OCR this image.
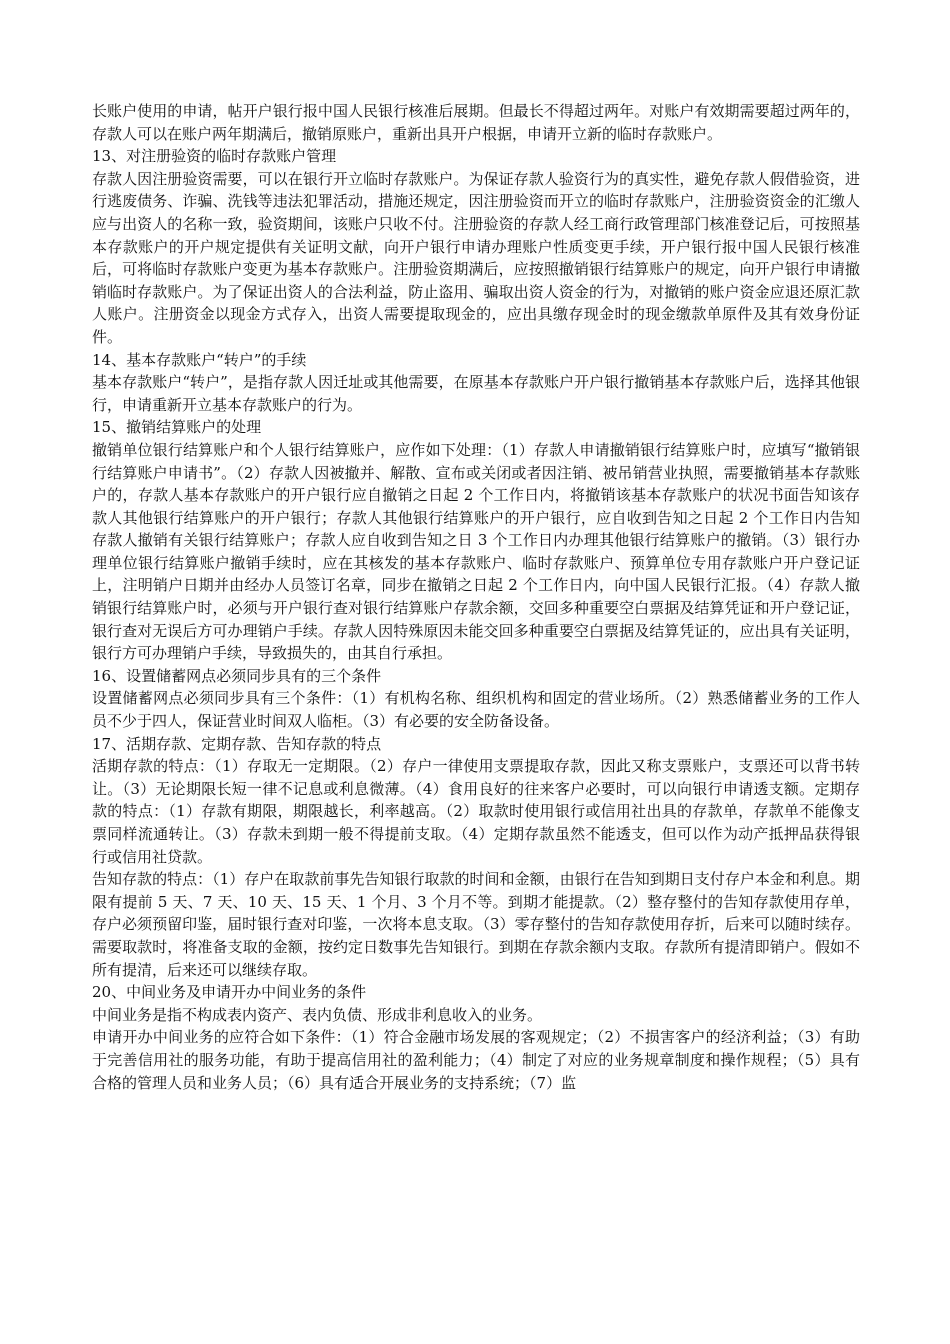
长账户使用的申请，帖开户银行报中国人民银行核准后展期。但最长不得超过两年。对账户有效期需要超过两年的，存款人可以在账户两年期满后，撤销原账户，重新出具开户根据，申请开立新的临时存款账户。

13、对注册验资的临时存款账户管理

存款人因注册验资需要，可以在银行开立临时存款账户。为保证存款人验资行为的真实性，避免存款人假借验资，进行逃废债务、诈骗、洗钱等违法犯罪活动，措施还规定，因注册验资而开立的临时存款账户，注册验资资金的汇缴人应与出资人的名称一致，验资期间，该账户只收不付。注册验资的存款人经工商行政管理部门核准登记后，可按照基本存款账户的开户规定提供有关证明文献，向开户银行申请办理账户性质变更手续，开户银行报中国人民银行核准后，可将临时存款账户变更为基本存款账户。注册验资期满后，应按照撤销银行结算账户的规定，向开户银行申请撤销临时存款账户。为了保证出资人的合法利益，防止盗用、骗取出资人资金的行为，对撤销的账户资金应退还原汇款人账户。注册资金以现金方式存入，出资人需要提取现金的，应出具缴存现金时的现金缴款单原件及其有效身份证件。

14、基本存款账户“转户”的手续

基本存款账户“转户”，是指存款人因迁址或其他需要，在原基本存款账户开户银行撤销基本存款账户后，选择其他银行，申请重新开立基本存款账户的行为。

15、撤销结算账户的处理

撤销单位银行结算账户和个人银行结算账户，应作如下处理：（1）存款人申请撤销银行结算账户时，应填写“撤销银行结算账户申请书”。（2）存款人因被撤并、解散、宣布或关闭或者因注销、被吊销营业执照，需要撤销基本存款账户的，存款人基本存款账户的开户银行应自撤销之日起 2 个工作日内，将撤销该基本存款账户的状况书面告知该存款人其他银行结算账户的开户银行；存款人其他银行结算账户的开户银行，应自收到告知之日起 2 个工作日内告知存款人撤销有关银行结算账户；存款人应自收到告知之日 3 个工作日内办理其他银行结算账户的撤销。（3）银行办理单位银行结算账户撤销手续时，应在其核发的基本存款账户、临时存款账户、预算单位专用存款账户开户登记证上，注明销户日期并由经办人员签订名章，同步在撤销之日起 2 个工作日内，向中国人民银行汇报。（4）存款人撤销银行结算账户时，必须与开户银行查对银行结算账户存款余额，交回多种重要空白票据及结算凭证和开户登记证，银行查对无误后方可办理销户手续。存款人因特殊原因未能交回多种重要空白票据及结算凭证的，应出具有关证明，银行方可办理销户手续，导致损失的，由其自行承担。

16、设置储蓄网点必须同步具有的三个条件

设置储蓄网点必须同步具有三个条件：（1）有机构名称、组织机构和固定的营业场所。（2）熟悉储蓄业务的工作人员不少于四人，保证营业时间双人临柜。（3）有必要的安全防备设备。

17、活期存款、定期存款、告知存款的特点

活期存款的特点：（1）存取无一定期限。（2）存户一律使用支票提取存款，因此又称支票账户，支票还可以背书转让。（3）无论期限长短一律不记息或利息微薄。（4）食用良好的往来客户必要时，可以向银行申请透支额。定期存款的特点：（1）存款有期限，期限越长，利率越高。（2）取款时使用银行或信用社出具的存款单，存款单不能像支票同样流通转让。（3）存款未到期一般不得提前支取。（4）定期存款虽然不能透支，但可以作为动产抵押品获得银行或信用社贷款。

告知存款的特点：（1）存户在取款前事先告知银行取款的时间和金额，由银行在告知到期日支付存户本金和利息。期限有提前 5 天、7 天、10 天、15 天、1 个月、3 个月不等。到期才能提款。（2）整存整付的告知存款使用存单，存户必须预留印鉴，届时银行查对印鉴，一次将本息支取。（3）零存整付的告知存款使用存折，后来可以随时续存。需要取款时，将准备支取的金额，按约定日数事先告知银行。到期在存款余额内支取。存款所有提清即销户。假如不所有提清，后来还可以继续存取。

20、中间业务及申请开办中间业务的条件

中间业务是指不构成表内资产、表内负债、形成非利息收入的业务。

申请开办中间业务的应符合如下条件：（1）符合金融市场发展的客观规定；（2）不损害客户的经济利益；（3）有助于完善信用社的服务功能，有助于提高信用社的盈利能力；（4）制定了对应的业务规章制度和操作规程；（5）具有合格的管理人员和业务人员；（6）具有适合开展业务的支持系统；（7）监
